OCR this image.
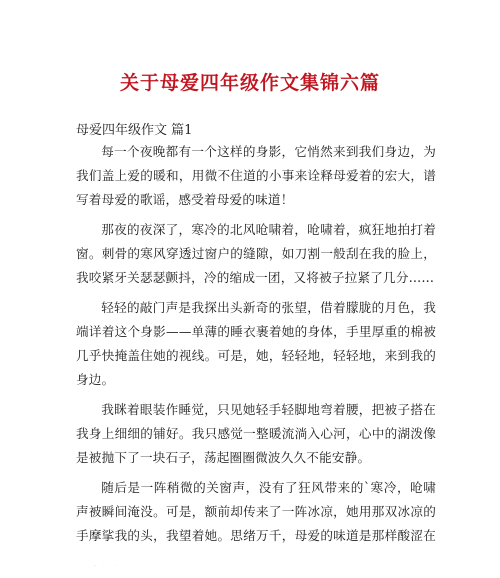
关于母爱四年级作文集锦六篇
母爱四年级作文 篇1

每一个夜晚都有一个这样的身影，它悄然来到我们身边，为我们盖上爱的暖和，用微不住道的小事来诠释母爱着的宏大，谱写着母爱的歌谣，感受着母爱的味道！

那夜的夜深了，寒冷的北风呛啸着，呛啸着，疯狂地拍打着窗。刺骨的寒风穿透过窗户的缝隙，如刀割一般刮在我的脸上，我咬紧牙关瑟瑟颤抖，冷的缩成一团，又将被子拉紧了几分……

轻轻的敲门声是我探出头新奇的张望，借着朦胧的月色，我端详着这个身影——单薄的睡衣裹着她的身体，手里厚重的棉被几乎快掩盖住她的视线。可是，她，轻轻地，轻轻地，来到我的身边。

我眯着眼装作睡觉，只见她轻手轻脚地弯着腰，把被子搭在我身上细细的铺好。我只感觉一整暖流淌入心河，心中的湖泼像是被抛下了一块石子，荡起圈圈微波久久不能安静。

随后是一阵稍微的关窗声，没有了狂风带来的`寒冷，呛啸声被瞬间淹没。可是，额前却传来了一阵冰凉，她用那双冰凉的手摩挲我的头，我望着她。思绪万千，母爱的味道是那样酸涩在
